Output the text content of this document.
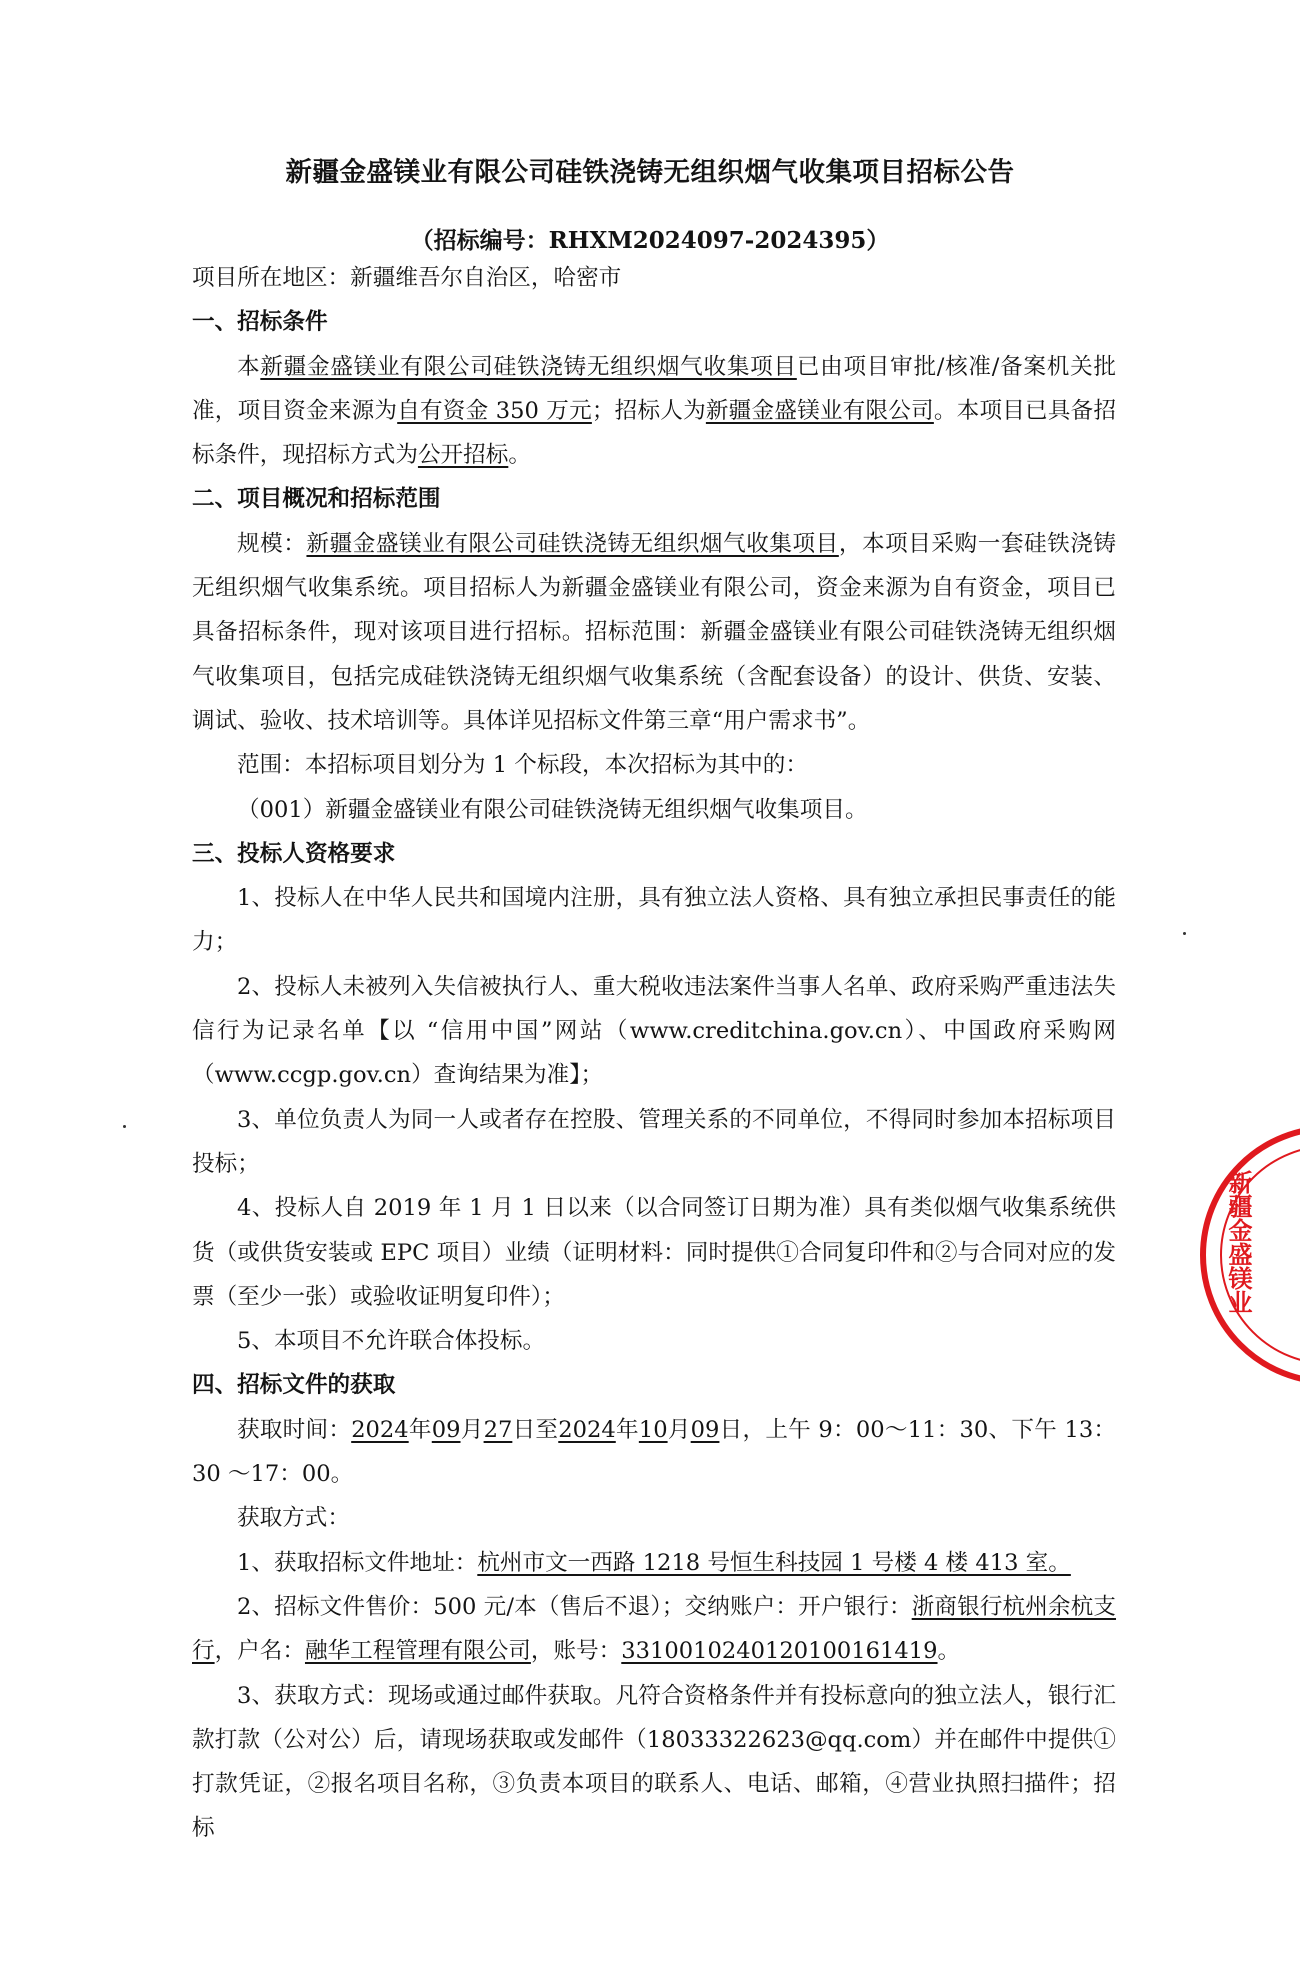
新疆金盛镁业有限公司硅铁浇铸无组织烟气收集项目招标公告
（招标编号：RHXM2024097-2024395）

项目所在地区：新疆维吾尔自治区，哈密市

一、招标条件

本新疆金盛镁业有限公司硅铁浇铸无组织烟气收集项目已由项目审批/核准/备案机关批准，项目资金来源为自有资金 350 万元；招标人为新疆金盛镁业有限公司。本项目已具备招标条件，现招标方式为公开招标。

二、项目概况和招标范围

规模：新疆金盛镁业有限公司硅铁浇铸无组织烟气收集项目，本项目采购一套硅铁浇铸无组织烟气收集系统。项目招标人为新疆金盛镁业有限公司，资金来源为自有资金，项目已具备招标条件，现对该项目进行招标。招标范围：新疆金盛镁业有限公司硅铁浇铸无组织烟气收集项目，包括完成硅铁浇铸无组织烟气收集系统（含配套设备）的设计、供货、安装、调试、验收、技术培训等。具体详见招标文件第三章“用户需求书”。

范围：本招标项目划分为 1 个标段，本次招标为其中的：

（001）新疆金盛镁业有限公司硅铁浇铸无组织烟气收集项目。

三、投标人资格要求

1、投标人在中华人民共和国境内注册，具有独立法人资格、具有独立承担民事责任的能力；

2、投标人未被列入失信被执行人、重大税收违法案件当事人名单、政府采购严重违法失信行为记录名单【以 “信用中国”网站（www.creditchina.gov.cn）、中国政府采购网（www.ccgp.gov.cn）查询结果为准】；

3、单位负责人为同一人或者存在控股、管理关系的不同单位，不得同时参加本招标项目投标；

4、投标人自 2019 年 1 月 1 日以来（以合同签订日期为准）具有类似烟气收集系统供货（或供货安装或 EPC 项目）业绩（证明材料：同时提供①合同复印件和②与合同对应的发票（至少一张）或验收证明复印件）；

5、本项目不允许联合体投标。

四、招标文件的获取

获取时间：2024年09月27日至2024年10月09日，上午 9：00～11：30、下午 13：30 ～17：00。

获取方式：

1、获取招标文件地址：杭州市文一西路 1218 号恒生科技园 1 号楼 4 楼 413 室。

2、招标文件售价：500 元/本（售后不退）；交纳账户：开户银行：浙商银行杭州余杭支行，户名：融华工程管理有限公司，账号：3310010240120100161419。

3、获取方式：现场或通过邮件获取。凡符合资格条件并有投标意向的独立法人，银行汇款打款（公对公）后，请现场获取或发邮件（18033322623@qq.com）并在邮件中提供①打款凭证，②报名项目名称，③负责本项目的联系人、电话、邮箱，④营业执照扫描件；招标

新疆金盛镁业
